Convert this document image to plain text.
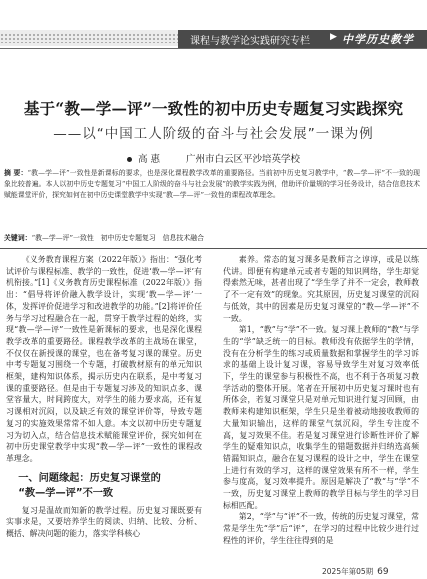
课程与教学论实践研究专栏 ▶ 中学历史教学
基于“教—学—评”一致性的初中历史专题复习实践探究
——以“中国工人阶级的奋斗与社会发展”一课为例
高 惠	广州市白云区平沙培英学校
摘 要：“教—学—评”一致性是新课标的要求，也是深化课程教学改革的重要路径。当前初中历史复习教学中，“教—学—评”不一致的现象比较普遍。本人以初中历史专题复习“中国工人阶级的奋斗与社会发展”的教学实践为例，借助评价量规的学习任务设计，结合信息技术赋能课堂评价，探究如何在初中历史课堂教学中实现“教—学—评”一致性的课程改革理念。
关键词：“教—学—评”一致性　初中历史专题复习　信息技术融合

《义务教育课程方案（2022年版）》指出：“强化考试评价与课程标准、教学的一致性，促进‘教—学—评’有机衔接。”[1]《义务教育历史课程标准（2022年版）》指出：“倡导将评价融入教学设计，实现‘教—学—评’一体，发挥评价促进学习和改进教学的功能。”[2]将评价任务与学习过程融合在一起，贯穿于教学过程的始终，实现“教—学—评”一致性是新课标的要求，也是深化课程教学改革的重要路径。课程教学改革的主战场在课堂，不仅仅在新授课的课堂，也在备考复习课的课堂。历史中考专题复习围绕一个专题，打破教材原有的单元知识框架，建构知识体系，揭示历史内在联系，是中考复习课的重要路径。但是由于专题复习涉及的知识点多、课堂容量大，时间跨度大，对学生的能力要求高，还有复习课相对沉闷，以及缺乏有效的课堂评价等，导致专题复习的实施效果常常不如人意。本文以初中历史专题复习为切入点，结合信息技术赋能课堂评价，探究如何在初中历史课堂教学中实现“教—学—评”一致性的课程改革理念。

一、问题缘起：历史复习课堂的
“教—学—评”不一致

复习是温故而知新的教学过程。历史复习课既要有实事求是，又要培养学生的阅读、归纳、比较、分析、概括、解决问题的能力，落实学科核心

素养。常态的复习课多是教师言之谆谆，或是以练代讲。即便有构建单元或者专题的知识网络，学生却觉得索然无味，甚者出现了“学生学了并不一定会，教师教了不一定有效”的现象。究其原因，历史复习课堂的沉闷与低效，其中的因素是历史复习课堂的“教—学—评”不一致。

第1，“教”与“学”不一致。复习课上教师的“教”与学生的“学”缺乏统一的目标。教师没有依据学生的学情，没有在分析学生的练习或质量数据和掌握学生的学习诉求的基础上设计复习课，容易导致学生对复习效率低下，学生的课堂参与积极性不高，也不利于各项复习教学活动的整体开展。笔者在开展初中历史复习课时也有所体会，若复习课堂只是对单元知识进行复习回顾，由教师来构建知识框架，学生只是坐着被动地接收教师的大量知识输出，这样的课堂气氛沉闷，学生专注度不高，复习效果不佳。若是复习课堂进行诊断性评价了解学生的疑难知识点，收集学生的错题数据并归纳选高频错漏知识点，融合在复习课程的设计之中，学生在课堂上进行有效的学习，这样的课堂效果有所不一样，学生参与度高，复习效率提升。原因是解决了“教”与“学”不一致，历史复习课堂上教师的教学目标与学生的学习目标相匹配。

第2，“学”与“评”不一致，传统的历史复习课堂，常常是学生先“学”后“评”，在学习的过程中比较少进行过程性的评价，学生往往得到的是

2025年第05期 69
